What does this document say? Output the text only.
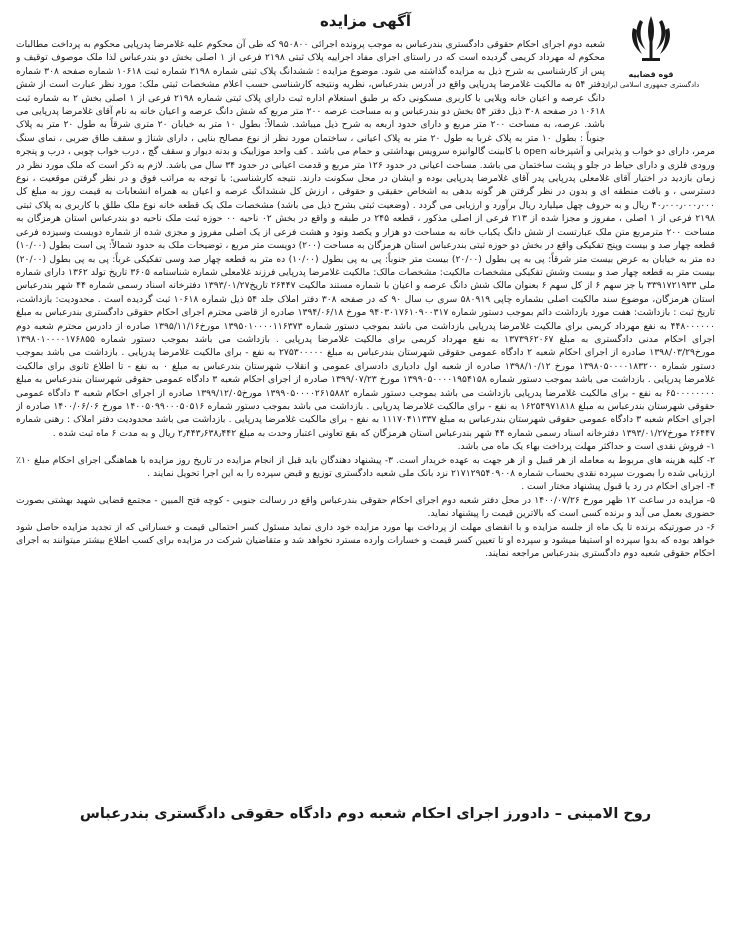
آگهی مزایده
قوه قضاییه
دادگستری جمهوری اسلامی ایران
شعبه دوم اجرای احکام حقوقی دادگستری بندرعباس به موجب پرونده اجرائی ۹۵۰۸۰۰ که طی آن محکوم علیه غلامرضا پدرپایی محکوم به پرداخت مطالبات محکوم له مهرداد کریمی گردیده است که در راستای اجرای مفاد اجراییه پلاک ثبتی ۲۱۹۸ فرعی از ۱ اصلی بخش دو بندرعباس لذا ملک موصوف توقیف و پس از کارشناسی به شرح ذیل به مزایده گذاشته می شود. موضوع مزایده : ششدانگ پلاک ثبتی شماره ۲۱۹۸ شماره ثبت ۱۰۶۱۸ شماره صفحه ۳۰۸ شماره دفتر ۵۴ به مالکیت غلامرضا پدرپایی واقع در آدرس بندرعباس، نظریه ونتیجه کارشناسی حسب اعلام مشخصات ثبتی ملک: مورد نظر عبارت است از شش دانگ عرصه و اعیان خانه ویلایی با کاربری مسکونی دکه بر طبق استعلام اداره ثبت دارای پلاک ثبتی شماره ۲۱۹۸ فرعی از ۱ اصلی بخش ۲ به شماره ثبت ۱۰۶۱۸ در صفحه ۳۰۸ ذیل دفتر ۵۴ بخش دو بندرعباس و به مساحت عرصه ۲۰۰ متر مربع که شش دانگ عرصه و اعیان خانه به نام آقای غلامرضا پدرپایی می باشد. عرصه، به مساحت ۲۰۰ متر مربع و دارای حدود اربعه به شرح ذیل میباشد. شمالاً: بطول ۱۰ متر به خیابان ۲۰ متری شرقاً به طول ۲۰ متر به پلاک جنوباً : بطول ۱۰ متر به پلاک غربا به طول ۲۰ متر به پلاک اعیانی ، ساختمان مورد نظر از نوع مصالح بنایی ، دارای شناژ و سقف طاق ضربی ، نمای سنگ مرمر، دارای دو خواب و پذیرایی و آشپزخانه open با کابینت گالوانیزه سرویس بهداشتی و حمام می باشد . کف واحد موزاییک و بدنه دیوار و سقف گچ ، درب خواب چوبی ، درب و پنجره ورودی فلزی و دارای حیاط در جلو و پشت ساختمان می باشد. مساحت اعیانی در حدود ۱۲۶ متر مربع و قدمت اعیانی در حدود ۳۴ سال می باشد. لازم به ذکر است که ملک مورد نظر در زمان بازدید در اختیار آقای غلامعلی پدرپایی پدر آقای غلامرضا پدرپایی بوده و ایشان در محل سکونت دارند. نتیجه کارشناسی: با توجه به مراتب فوق و در نظر گرفتن موقعیت ، نوع دسترسی ، و بافت منطقه ای و بدون در نظر گرفتن هر گونه بدهی به اشخاص حقیقی و حقوقی ، ارزش کل ششدانگ عرصه و اعیان به همراه انشعابات به قیمت روز به مبلغ کل ۴۰٫۰۰۰٫۰۰۰٫۰۰۰ ریال و به حروف چهل میلیارد ریال برآورد و ارزیابی می گردد . (وضعیت ثبتی بشرح ذیل می باشد) مشخصات ملک یک قطعه خانه نوع ملک طلق با کاربری به پلاک ثبتی ۲۱۹۸ فرعی از ۱ اصلی ، مفروز و مجزا شده از ۲۱۳ فرعی از اصلی مذکور ، قطعه ۲۴۵ در طبقه و واقع در بخش ۰۲ ناحیه ۰۰ حوزه ثبت ملک ناحیه دو بندرعباس استان هرمزگان به مساحت ۲۰۰ مترمربع متن ملک عبارتست از شش دانگ یکباب خانه به مساحت دو هزار و یکصد ونود و هشت فرعی از یک اصلی مفروز و مجزی شده از شماره دویست وسیزده فرعی قطعه چهار صد و بیست وپنج تفکیکی واقع در بخش دو حوزه ثبتی بندرعباس استان هرمزگان به مساحت (۲۰۰) دویست متر مربع ، توضیحات ملک به حدود شمالاً: پی است بطول (۱۰/۰۰) ده متر به خیابان به عرض بیست متر شرقاً: پی به پی بطول (۲۰/۰۰) بیست متر جنوباً: پی به پی بطول (۱۰/۰۰) ده متر به قطعه چهار صد وسی تفکیکی غرباً: پی به پی بطول (۲۰/۰۰) بیست متر به قطعه چهار صد و بیست وشش تفکیکی مشخصات مالکیت: مشخصات مالک: مالکیت غلامرضا پدرپایی فرزند غلامعلی شماره شناسنامه ۳۶۰۵ تاریخ تولد ۱۳۶۲ دارای شماره ملی ۳۳۹۱۷۲۱۹۳۳ با جز سهم ۶ از کل سهم ۶ بعنوان مالک شش دانگ عرصه و اعیان با شماره مستند مالکیت ۲۶۴۴۷ تاریخ۱۳۹۳/۰۱/۲۷ دفترخانه اسناد رسمی شماره ۴۴ شهر بندرعباس استان هرمزگان، موضوع سند مالکیت اصلی بشماره چاپی ۵۸۰۹۱۹ سری ب سال ۹۰ که در صفحه ۳۰۸ دفتر املاک جلد ۵۴ ذیل شماره ۱۰۶۱۸ ثبت گردیده است . محدودیت: بازداشت، تاریخ ثبت : بازداشت: هفت مورد بازداشت دائم بموجب دستور شماره ۹۴۰۳۰۱۷۶۱۰۹۰۰۳۱۷ مورخ ۱۳۹۴/۰۶/۱۸ صادره از قاضی محترم اجرای احکام حقوقی دادگستری بندرعباس به مبلغ ۴۴۸۰۰۰۰۰۰ به نفع مهرداد کریمی برای مالکیت غلامرضا پدرپایی بازداشت می باشد بموجب دستور شماره ۱۳۹۵۰۱۰۰۰۰۱۱۶۳۷۳ مورخ۱۳۹۵/۱۱/۱۶ صادره از دادرس محترم شعبه دوم اجرای احکام مدنی دادگستری به مبلغ ۱۳۷۳۹۶۲۰۶۷ به نفع مهرداد کریمی برای مالکیت غلامرضا پدرپایی . بازداشت می باشد بموجب دستور شماره ۱۳۹۸۰۱۰۰۰۰۱۷۶۸۵۵ مورخ۱۳۹۸/۰۳/۲۹ صادره از اجرای احکام شعبه ۲ دادگاه عمومی حقوقی شهرستان بندرعباس به مبلغ ۲۷۵۳۰۰۰۰۰ به نفع - برای مالکیت غلامرضا پدرپایی . بازداشت می باشد بموجب دستور شماره ۱۳۹۸۰۵۰۰۰۰۱۸۳۲۰۰ مورخ ۱۳۹۸/۱۰/۱۲ صادره از شعبه اول دادیاری دادسرای عمومی و انقلاب شهرستان بندرعباس به مبلغ ۰ به نفع - تا اطلاع ثانوی برای مالکیت غلامرضا پدرپایی . بازداشت می باشد بموجب دستور شماره ۱۳۹۹۰۵۰۰۰۰۱۹۵۴۱۵۸ مورخ ۱۳۹۹/۰۷/۲۳ صادره از اجرای احکام شعبه ۳ دادگاه عمومی حقوقی شهرستان بندرعباس به مبلغ ۶۵۰۰۰۰۰۰۰۰ به نفع - برای مالکیت غلامرضا پدرپایی بازداشت می باشد بموجب دستور شماره ۱۳۹۹۰۵۰۰۰۰۲۶۱۵۸۸۲ مورخ۱۳۹۹/۱۲/۰۵ صادره از اجرای احکام شعبه ۳ دادگاه عمومی حقوقی شهرستان بندرعباس به مبلغ ۱۶۲۵۴۹۷۱۸۱۸ به نفع - برای مالکیت غلامرضا پدرپایی . بازداشت می باشد بموجب دستور شماره ۱۴۰۰۵۰۹۹۰۰۰۵۰۵۱۶ مورخ ۱۴۰۰/۰۶/۰۶ صادره از اجرای احکام شعبه ۳ دادگاه عمومی حقوقی شهرستان بندرعباس به مبلغ ۱۱۱۷۰۴۱۱۳۳۷ به نفع - برای مالکیت غلامرضا پدرپایی . بازداشت می باشد محدودیت دفتر املاک : رهنی شماره ۲۶۴۴۷ مورخ۱۳۹۳/۰۱/۲۷ دفترخانه اسناد رسمی شماره ۴۴ شهر بندرعباس استان هرمزگان که بقع تعاونی اعتبار وحدت به مبلغ ۲٫۴۴۳٫۶۳۸٫۴۴۲ ریال و به مدت ۶ ماه ثبت شده .
۱- فروش نقدی است و حداکثر مهلت پرداخت بهاء یک ماه می باشد.
۲- کلیه هزینه های مربوط به معامله از هر قبیل و از هر جهت به عهده خریدار است. ۳- پیشنهاد دهندگان باید قبل از انجام مزایده در تاریخ روز مزایده با هماهنگی اجرای احکام مبلغ ۱۰٪ ارزیابی شده را بصورت سپرده نقدی بحساب شماره ۲۱۷۱۲۹۵۴۰۹۰۰۸ نزد بانک ملی شعبه دادگستری توزیع و قبض سپرده را به این اجرا تحویل نمایند .
۴- اجرای احکام در رد یا قبول پیشنهاد مختار است .
۵- مزایده در ساعت ۱۲ ظهر مورخ ۱۴۰۰/۰۷/۲۶ در محل دفتر شعبه دوم اجرای احکام حقوقی بندرعباس واقع در رسالت جنوبی - کوچه فتح المبین - مجتمع قضایی شهید بهشتی بصورت حضوری بعمل می آید و برنده کسی است که بالاترین قیمت را پیشنهاد نماید.
۶- در صورتیکه برنده تا یک ماه از جلسه مزایده و با انقضای مهلت از پرداخت بها مورد مزایده خود داری نماید مسئول کسر احتمالی قیمت و خساراتی که از تجدید مزایده حاصل شود خواهد بوده که بدوا سپرده او استیفا میشود و سپرده او تا تعیین کسر قیمت و خسارات وارده مسترد نخواهد شد و متقاضیان شرکت در مزایده برای کسب اطلاع بیشتر میتوانند به اجرای احکام حقوقی شعبه دوم دادگستری بندرعباس مراجعه نمایند.
روح الامینی – دادورز اجرای احکام شعبه دوم دادگاه حقوقی دادگستری بندرعباس
